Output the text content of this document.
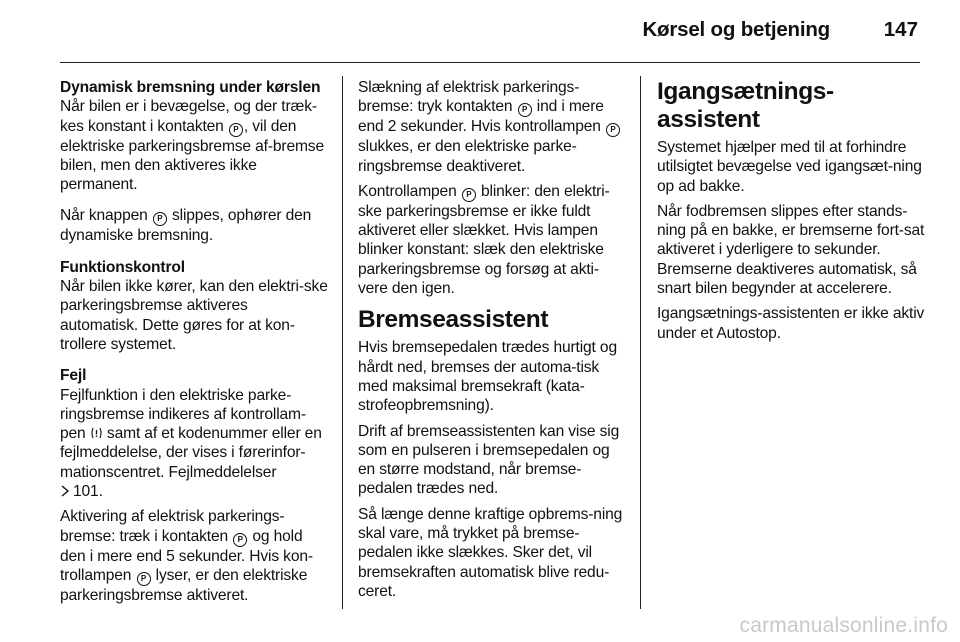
Kørsel og betjening	147

Dynamisk bremsning under kørslen
Når bilen er i bevægelse, og der træk-kes konstant i kontakten P , vil den elektriske parkeringsbremse af-bremse bilen, men den aktiveres ikke permanent.

Når knappen P slippes, ophører den dynamiske bremsning.

Funktionskontrol
Når bilen ikke kører, kan den elektri-ske parkeringsbremse aktiveres automatisk. Dette gøres for at kon-trollere systemet.

Fejl
Fejlfunktion i den elektriske parke-ringsbremse indikeres af kontrollam-pen  samt af et kodenummer eller en fejlmeddelelse, der vises i førerinfor-mationscentret. Fejlmeddelelser
101.

Aktivering af elektrisk parkerings-bremse: træk i kontakten P og hold den i mere end 5 sekunder. Hvis kon-trollampen P lyser, er den elektriske parkeringsbremse aktiveret.

Slækning af elektrisk parkerings-bremse: tryk kontakten P ind i mere end 2 sekunder. Hvis kontrollampen P slukkes, er den elektriske parke-ringsbremse deaktiveret.

Kontrollampen P blinker: den elektri-ske parkeringsbremse er ikke fuldt aktiveret eller slækket. Hvis lampen blinker konstant: slæk den elektriske parkeringsbremse og forsøg at akti-vere den igen.

Bremseassistent

Hvis bremsepedalen trædes hurtigt og hårdt ned, bremses der automa-tisk med maksimal bremsekraft (kata-strofeopbremsning).

Drift af bremseassistenten kan vise sig som en pulseren i bremsepedalen og en større modstand, når bremse-pedalen trædes ned.

Så længe denne kraftige opbrems-ning skal vare, må trykket på bremse-pedalen ikke slækkes. Sker det, vil bremsekraften automatisk blive redu-ceret.

Igangsætnings-assistent

Systemet hjælper med til at forhindre utilsigtet bevægelse ved igangsæt-ning op ad bakke.

Når fodbremsen slippes efter stands-ning på en bakke, er bremserne fort-sat aktiveret i yderligere to sekunder. Bremserne deaktiveres automatisk, så snart bilen begynder at accelerere.

Igangsætnings-assistenten er ikke aktiv under et Autostop.

carmanualsonline.info
